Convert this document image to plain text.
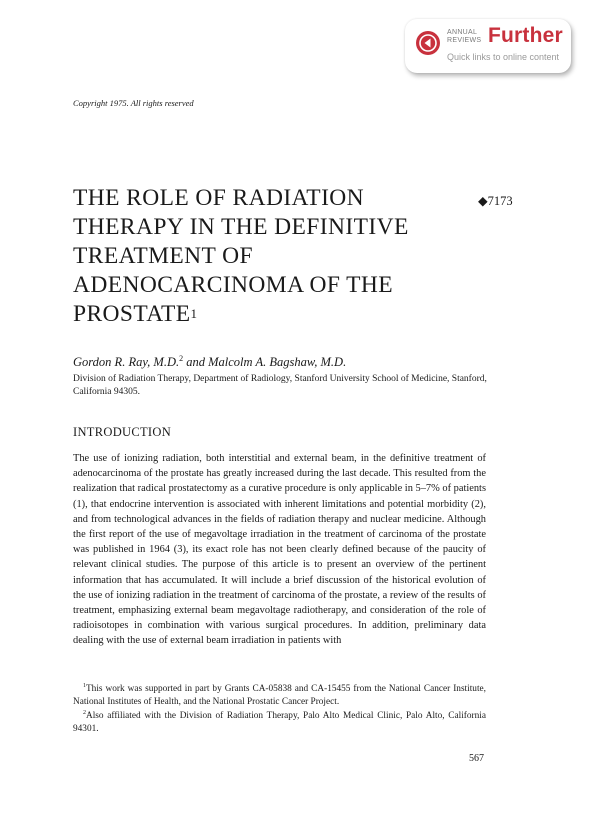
ANNUAL
REVIEWS Further
Quick links to online content
Copyright 1975. All rights reserved
THE ROLE OF RADIATION THERAPY IN THE DEFINITIVE TREATMENT OF ADENOCARCINOMA OF THE PROSTATE$^1$
◆7173
Gordon R. Ray, M.D.$^2$ and Malcolm A. Bagshaw, M.D.
Division of Radiation Therapy, Department of Radiology, Stanford University School of Medicine, Stanford, California 94305.
INTRODUCTION

The use of ionizing radiation, both interstitial and external beam, in the definitive treatment of adenocarcinoma of the prostate has greatly increased during the last decade. This resulted from the realization that radical prostatectomy as a curative procedure is only applicable in 5–7% of patients (1), that endocrine intervention is associated with inherent limitations and potential morbidity (2), and from technological advances in the fields of radiation therapy and nuclear medicine. Although the first report of the use of megavoltage irradiation in the treatment of carcinoma of the prostate was published in 1964 (3), its exact role has not been clearly defined because of the paucity of relevant clinical studies. The purpose of this article is to present an overview of the pertinent information that has accumulated. It will include a brief discussion of the historical evolution of the use of ionizing radiation in the treatment of carcinoma of the prostate, a review of the results of treatment, emphasizing external beam megavoltage radiotherapy, and consideration of the role of radioisotopes in combination with various surgical procedures. In addition, preliminary data dealing with the use of external beam irradiation in patients with

$^1$This work was supported in part by Grants CA-05838 and CA-15455 from the National Cancer Institute, National Institutes of Health, and the National Prostatic Cancer Project.

$^2$Also affiliated with the Division of Radiation Therapy, Palo Alto Medical Clinic, Palo Alto, California 94301.

567
